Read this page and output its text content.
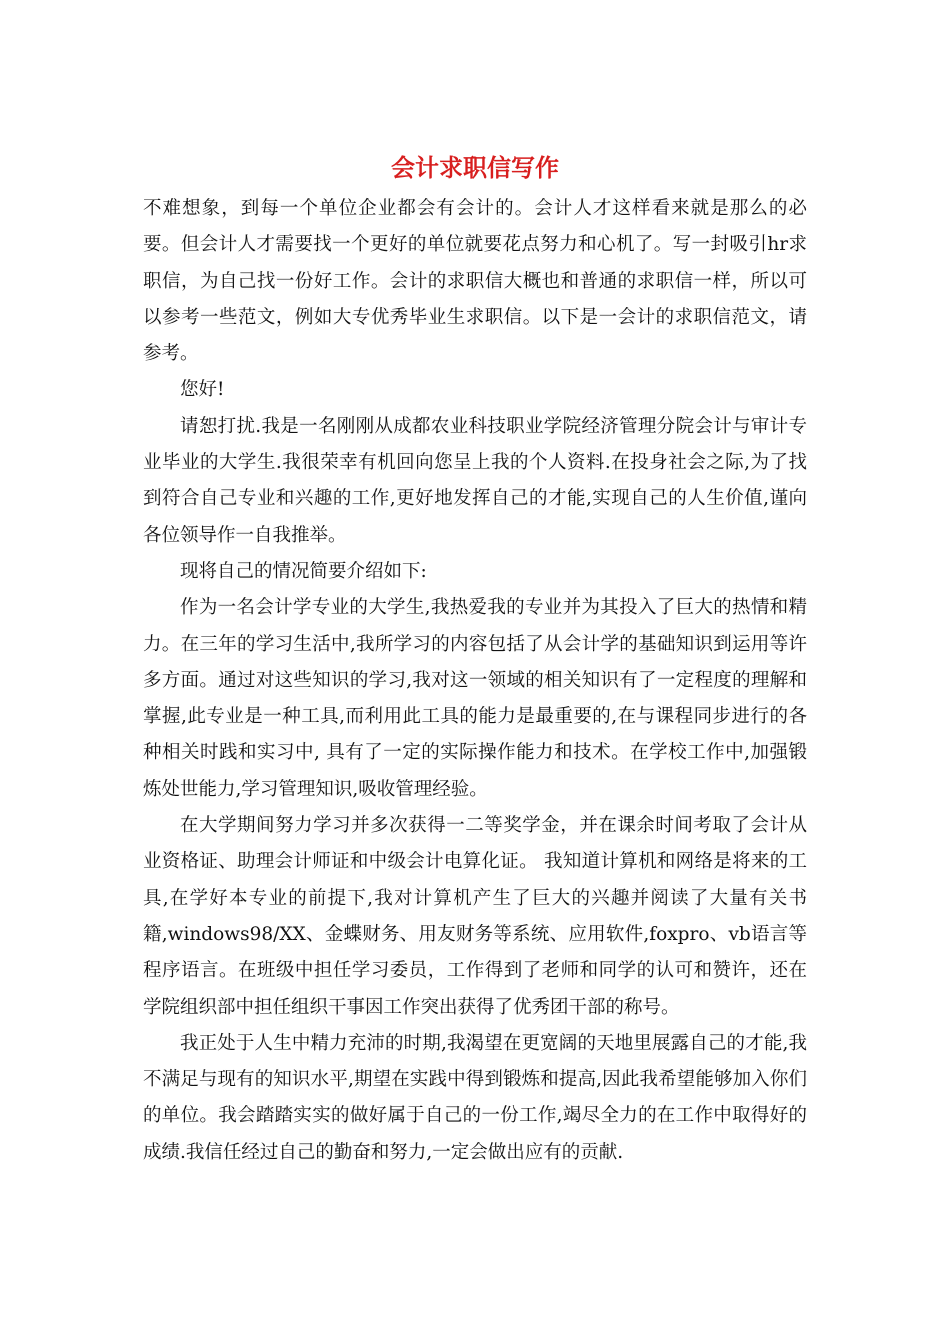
会计求职信写作

不难想象，到每一个单位企业都会有会计的。会计人才这样看来就是那么的必要。但会计人才需要找一个更好的单位就要花点努力和心机了。写一封吸引hr求职信，为自己找一份好工作。会计的求职信大概也和普通的求职信一样，所以可以参考一些范文，例如大专优秀毕业生求职信。以下是一会计的求职信范文，请参考。

您好!

请恕打扰.我是一名刚刚从成都农业科技职业学院经济管理分院会计与审计专业毕业的大学生.我很荣幸有机回向您呈上我的个人资料.在投身社会之际,为了找到符合自己专业和兴趣的工作,更好地发挥自己的才能,实现自己的人生价值,谨向各位领导作一自我推举。

现将自己的情况简要介绍如下:

作为一名会计学专业的大学生,我热爱我的专业并为其投入了巨大的热情和精力。在三年的学习生活中,我所学习的内容包括了从会计学的基础知识到运用等许多方面。通过对这些知识的学习,我对这一领域的相关知识有了一定程度的理解和掌握,此专业是一种工具,而利用此工具的能力是最重要的,在与课程同步进行的各种相关时践和实习中, 具有了一定的实际操作能力和技术。在学校工作中,加强锻炼处世能力,学习管理知识,吸收管理经验。

在大学期间努力学习并多次获得一二等奖学金，并在课余时间考取了会计从业资格证、助理会计师证和中级会计电算化证。 我知道计算机和网络是将来的工具,在学好本专业的前提下,我对计算机产生了巨大的兴趣并阅读了大量有关书籍,windows98/XX、金蝶财务、用友财务等系统、应用软件,foxpro、vb语言等程序语言。在班级中担任学习委员，工作得到了老师和同学的认可和赞许，还在学院组织部中担任组织干事因工作突出获得了优秀团干部的称号。

我正处于人生中精力充沛的时期,我渴望在更宽阔的天地里展露自己的才能,我不满足与现有的知识水平,期望在实践中得到锻炼和提高,因此我希望能够加入你们的单位。我会踏踏实实的做好属于自己的一份工作,竭尽全力的在工作中取得好的成绩.我信任经过自己的勤奋和努力,一定会做出应有的贡献.
